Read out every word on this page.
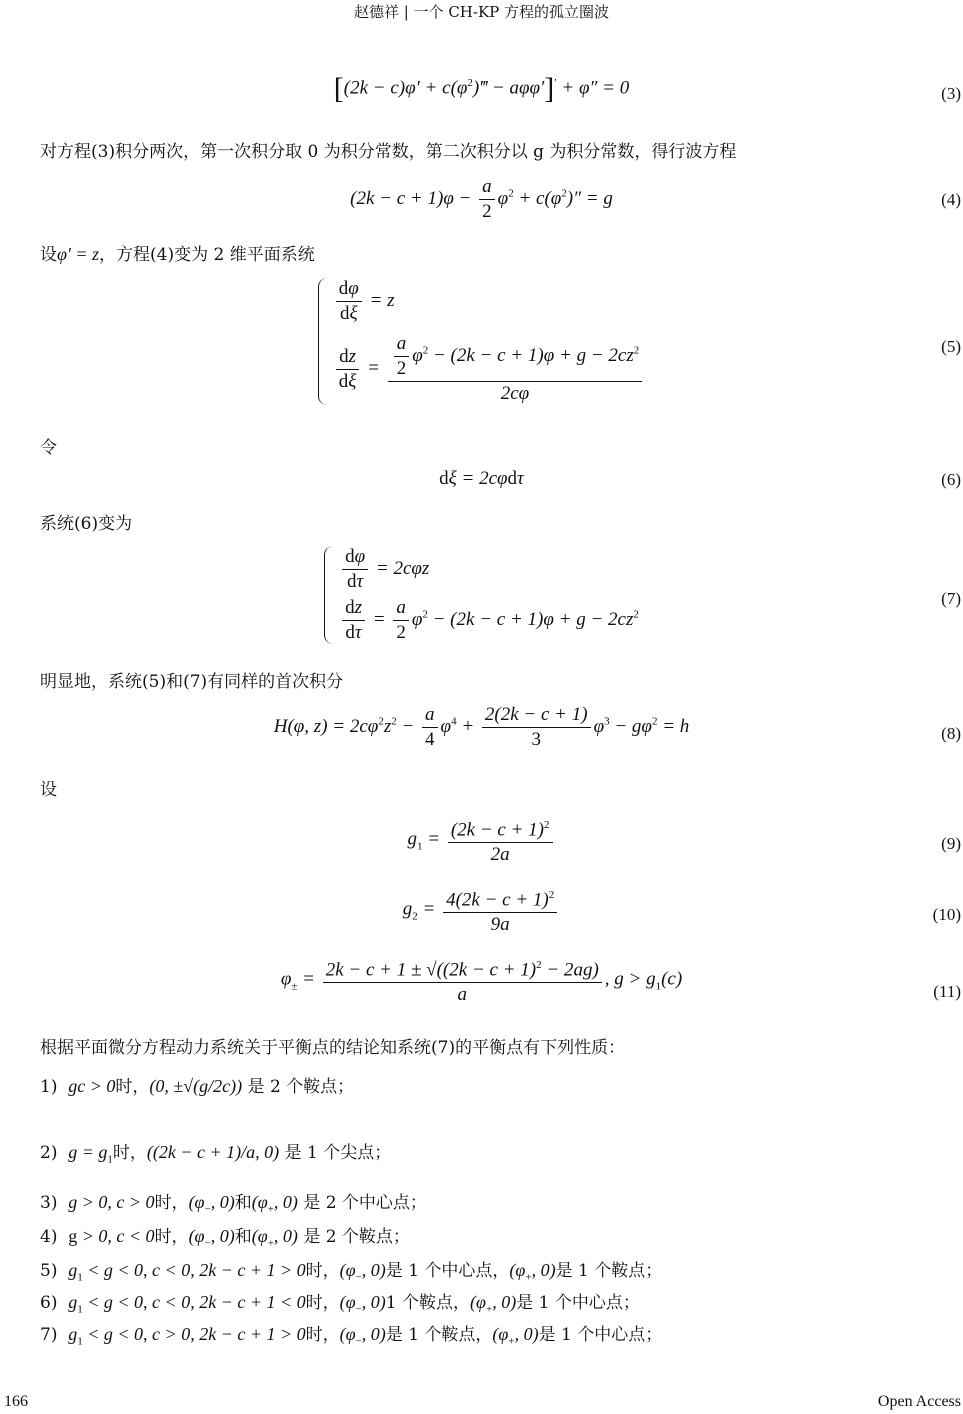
赵德祥 | 一个 CH-KP 方程的孤立圈波
$[(2k - c)\varphi' + c(\varphi^2)‴ - a\varphi\varphi']' + \varphi'' = 0$	(3)
对方程(3)积分两次，第一次积分取 0 为积分常数，第二次积分以 g 为积分常数，得行波方程
$(2k - c + 1)\varphi - \frac{a}{2} \varphi^2 + c(\varphi^2)'' = g$	(4)
设φ′ = z，方程(4)变为 2 维平面系统
$\frac{d\varphi}{d\xi} = z$
$\frac{dz}{d\xi} = \frac{\frac{a}{2} \varphi^2 - (2k - c + 1)\varphi + g - 2cz^2}{2c\varphi}$	(5)
令
dξ = 2cφdτ	(6)
系统(6)变为
$\frac{d\varphi}{d\tau} = 2c\varphi z$
$\frac{dz}{d\tau} = \frac{a}{2} \varphi^2 - (2k - c + 1)\varphi + g - 2cz^2$
(7)
明显地，系统(5)和(7)有同样的首次积分
H(φ, $z) = 2c\varphi^2z^2 - \frac{a}{4} \varphi^4 + \frac{2(2k - c + 1)}{3} \varphi^3 - g\varphi^2 = h$	(8)
设
$g_1 = \frac{(2k - c + 1)^2}{2a}$	(9)
$g_2 = \frac{4(2k - c + 1)^2}{9a}$	(10)
$\varphi_\pm = \frac{2k - c + 1 \pm √((2k - c + 1)^2 - 2ag)}{a}$ , $g > g_1(c)$
(11)
根据平面微分方程动力系统关于平衡点的结论知系统(7)的平衡点有下列性质：
1) gc > 0时，(0, ±√(g/2c)) 是 2 个鞍点；
2) $g = g_1$时，((2k − c + 1)/a, 0) 是 1 个尖点；
3) g > 0, c > 0时，($\varphi_-$, 0)和($\varphi_+$, 0) 是 2 个中心点；
4) g > 0, c < 0时，($\varphi_-$, 0)和($\varphi_+$, 0) 是 2 个鞍点；
5) $g_1 < g < 0$, c < 0, 2k − c + 1 > 0时，($\varphi_-$, 0)是 1 个中心点，($\varphi_+$, 0)是 1 个鞍点；
6) $g_1 < g < 0$, c < 0, 2k − c + 1 < 0时，($\varphi_-$, 0)1 个鞍点，($\varphi_+$, 0)是 1 个中心点；
7) $g_1 < g < 0$, c > 0, 2k − c + 1 > 0时，($\varphi_-$, 0)是 1 个鞍点，($\varphi_+$, 0)是 1 个中心点；
166	Open Access
